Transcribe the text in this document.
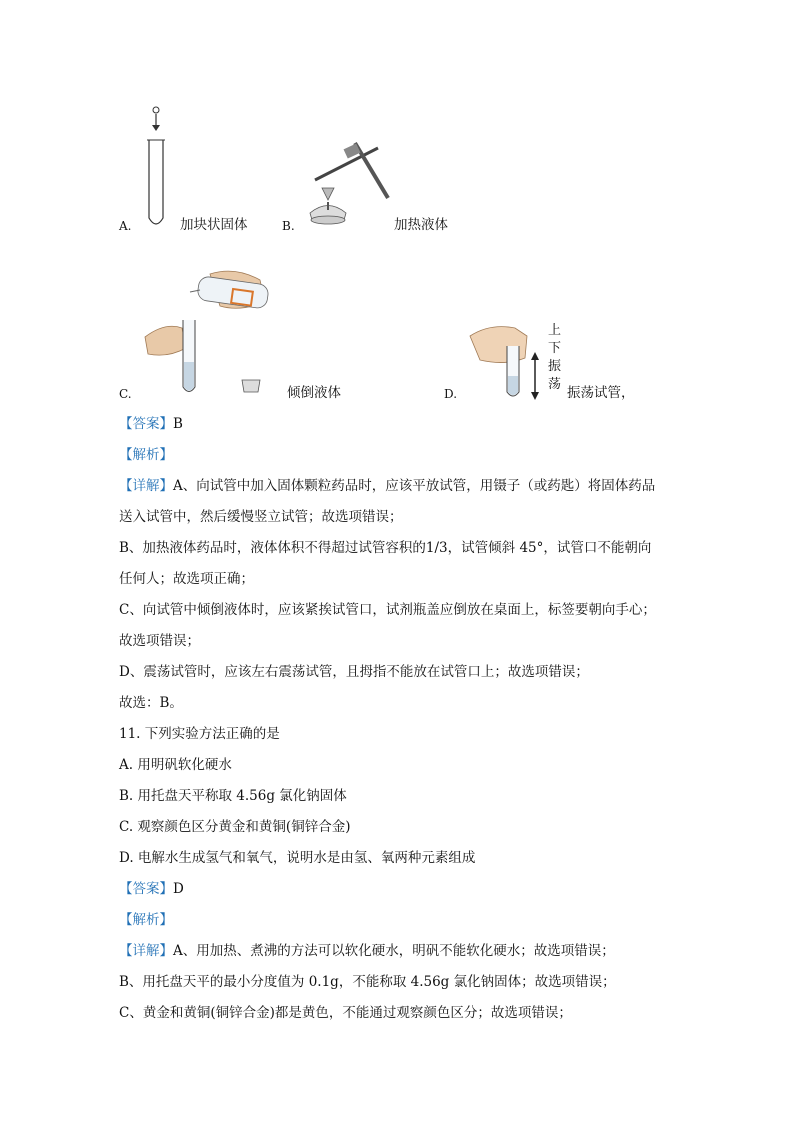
A.	加块状固体	B.	加热液体
C.	倾倒液体
上
下
振
荡
D.	振荡试管，
【答案】B
【解析】
【详解】A、向试管中加入固体颗粒药品时，应该平放试管，用镊子（或药匙）将固体药品
送入试管中，然后缓慢竖立试管；故选项错误；
B、加热液体药品时，液体体积不得超过试管容积的1/3，试管倾斜 45°，试管口不能朝向
任何人；故选项正确；
C、向试管中倾倒液体时，应该紧挨试管口，试剂瓶盖应倒放在桌面上，标签要朝向手心；
故选项错误；
D、震荡试管时，应该左右震荡试管，且拇指不能放在试管口上；故选项错误；
故选：B。
11. 下列实验方法正确的是
A. 用明矾软化硬水
B. 用托盘天平称取 4.56g 氯化钠固体
C. 观察颜色区分黄金和黄铜(铜锌合金)
D. 电解水生成氢气和氧气，说明水是由氢、氧两种元素组成
【答案】D
【解析】
【详解】A、用加热、煮沸的方法可以软化硬水，明矾不能软化硬水；故选项错误；
B、用托盘天平的最小分度值为 0.1g，不能称取 4.56g 氯化钠固体；故选项错误；
C、黄金和黄铜(铜锌合金)都是黄色，不能通过观察颜色区分；故选项错误；
